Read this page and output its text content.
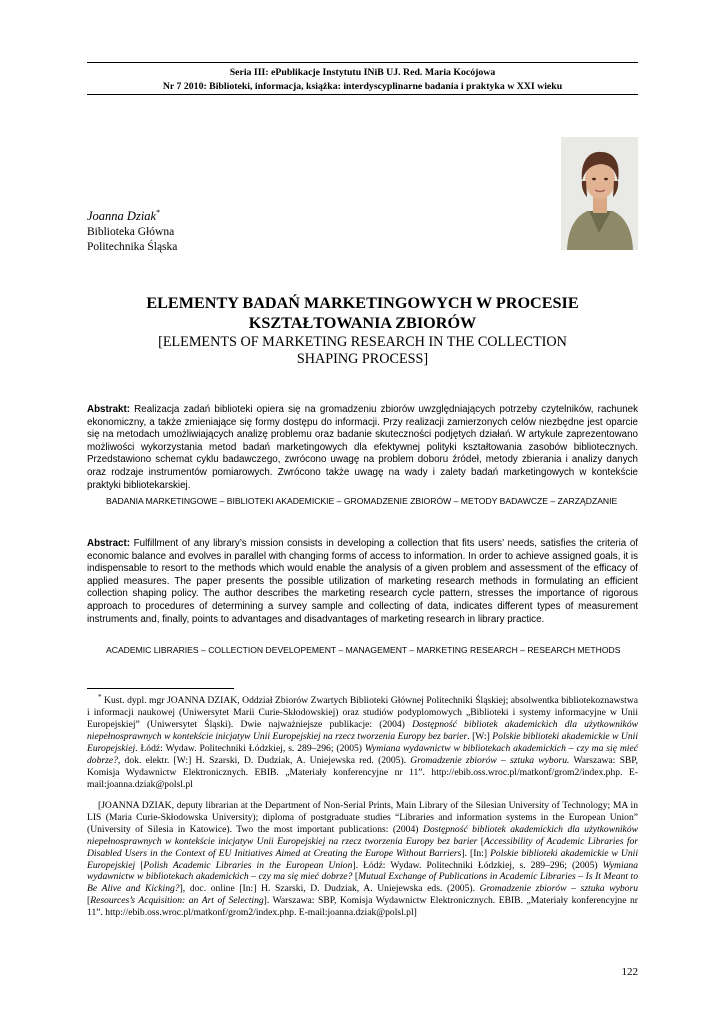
Seria III: ePublikacje Instytutu INiB UJ. Red. Maria Kocójowa
Nr 7 2010: Biblioteki, informacja, książka: interdyscyplinarne badania i praktyka w XXI wieku
Joanna Dziak*
Biblioteka Główna
Politechnika Śląska
ELEMENTY BADAŃ MARKETINGOWYCH W PROCESIE
KSZTAŁTOWANIA ZBIORÓW
[ELEMENTS OF MARKETING RESEARCH IN THE COLLECTION
SHAPING PROCESS]
Abstrakt: Realizacja zadań biblioteki opiera się na gromadzeniu zbiorów uwzględniających potrzeby czytelników, rachunek ekonomiczny, a także zmieniające się formy dostępu do informacji. Przy realizacji zamierzonych celów niezbędne jest oparcie się na metodach umożliwiających analizę problemu oraz badanie skuteczności podjętych działań. W artykule zaprezentowano możliwości wykorzystania metod badań marketingowych dla efektywnej polityki kształtowania zasobów bibliotecznych. Przedstawiono schemat cyklu badawczego, zwrócono uwagę na problem doboru źródeł, metody zbierania i analizy danych oraz rodzaje instrumentów pomiarowych. Zwrócono także uwagę na wady i zalety badań marketingowych w kontekście praktyki bibliotekarskiej.
BADANIA MARKETINGOWE – BIBLIOTEKI AKADEMICKIE – GROMADZENIE ZBIORÓW – METODY BADAWCZE – ZARZĄDZANIE
Abstract: Fulfillment of any library’s mission consists in developing a collection that fits users’ needs, satisfies the criteria of economic balance and evolves in parallel with changing forms of access to information. In order to achieve assigned goals, it is indispensable to resort to the methods which would enable the analysis of a given problem and assessment of the efficacy of applied measures. The paper presents the possible utilization of marketing research methods in formulating an efficient collection shaping policy. The author describes the marketing research cycle pattern, stresses the importance of rigorous approach to procedures of determining a survey sample and collecting of data, indicates different types of measurement instruments and, finally, points to advantages and disadvantages of marketing research in library practice.
ACADEMIC LIBRARIES – COLLECTION DEVELOPEMENT – MANAGEMENT – MARKETING RESEARCH – RESEARCH METHODS
* Kust. dypl. mgr JOANNA DZIAK, Oddział Zbiorów Zwartych Biblioteki Głównej Politechniki Śląskiej; absolwentka bibliotekoznawstwa i informacji naukowej (Uniwersytet Marii Curie-Skłodowskiej) oraz studiów podyplomowych „Biblioteki i systemy informacyjne w Unii Europejskiej” (Uniwersytet Śląski). Dwie najważniejsze publikacje: (2004) Dostępność bibliotek akademickich dla użytkowników niepełnosprawnych w kontekście inicjatyw Unii Europejskiej na rzecz tworzenia Europy bez barier. [W:] Polskie biblioteki akademickie w Unii Europejskiej. Łódź: Wydaw. Politechniki Łódzkiej, s. 289–296; (2005) Wymiana wydawnictw w bibliotekach akademickich – czy ma się mieć dobrze?, dok. elektr. [W:] H. Szarski, D. Dudziak, A. Uniejewska red. (2005). Gromadzenie zbiorów – sztuka wyboru. Warszawa: SBP, Komisja Wydawnictw Elektronicznych. EBIB. „Materiały konferencyjne nr 11”. http://ebib.oss.wroc.pl/matkonf/grom2/index.php. E-mail:joanna.dziak@polsl.pl
[JOANNA DZIAK, deputy librarian at the Department of Non-Serial Prints, Main Library of the Silesian University of Technology; MA in LIS (Maria Curie-Skłodowska University); diploma of postgraduate studies “Libraries and information systems in the European Union” (University of Silesia in Katowice). Two the most important publications: (2004) Dostępność bibliotek akademickich dla użytkowników niepełnosprawnych w kontekście inicjatyw Unii Europejskiej na rzecz tworzenia Europy bez barier [Accessibility of Academic Libraries for Disabled Users in the Context of EU Initiatives Aimed at Creating the Europe Without Barriers]. [In:] Polskie biblioteki akademickie w Unii Europejskiej [Polish Academic Libraries in the European Union]. Łódź: Wydaw. Politechniki Łódzkiej, s. 289–296; (2005) Wymiana wydawnictw w bibliotekach akademickich – czy ma się mieć dobrze? [Mutual Exchange of Publications in Academic Libraries – Is It Meant to Be Alive and Kicking?], doc. online [In:] H. Szarski, D. Dudziak, A. Uniejewska eds. (2005). Gromadzenie zbiorów – sztuka wyboru [Resources’s Acquisition: an Art of Selecting]. Warszawa: SBP, Komisja Wydawnictw Elektronicznych. EBIB. „Materiały konferencyjne nr 11”. http://ebib.oss.wroc.pl/matkonf/grom2/index.php. E-mail:joanna.dziak@polsl.pl]
122
